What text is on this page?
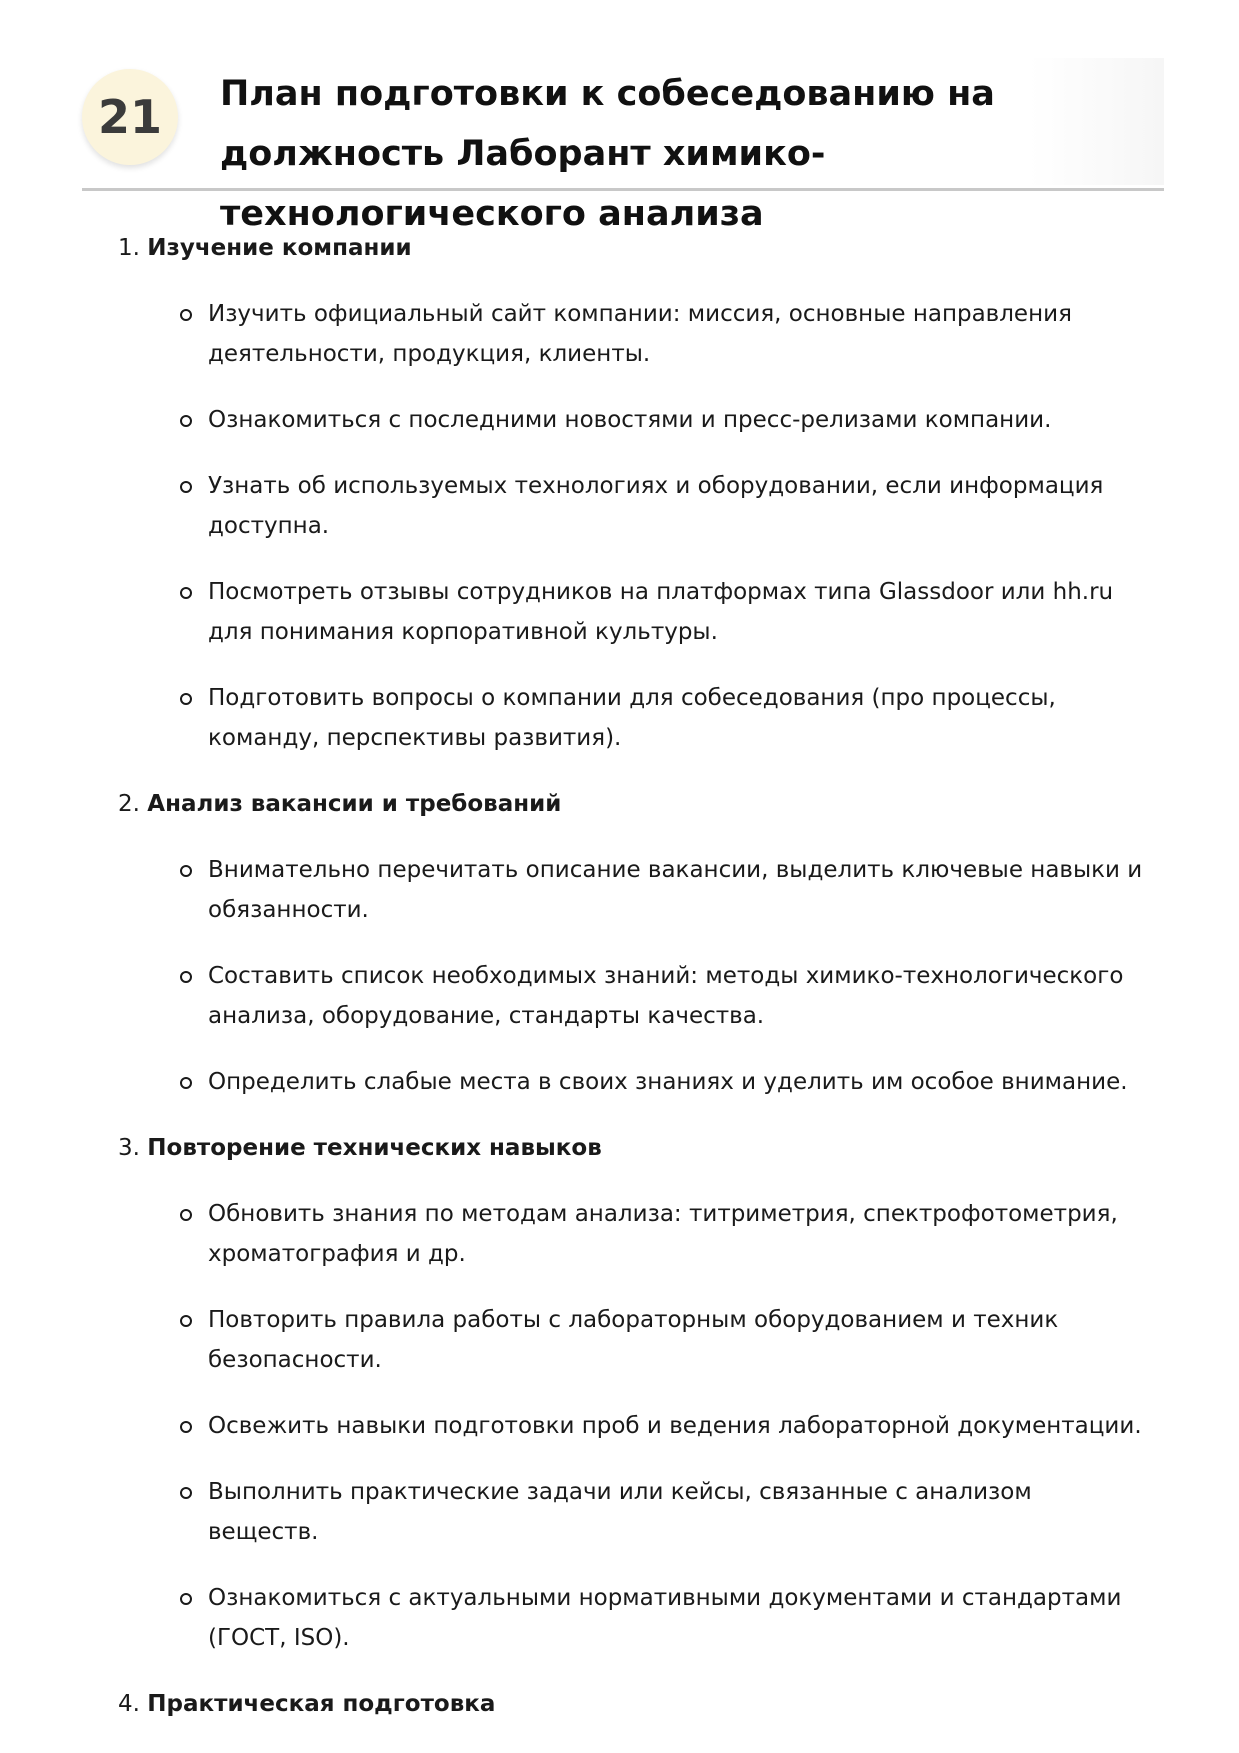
21	План подготовки к собеседованию на должность Лаборант химико-технологического анализа
1. Изучение компании
Изучить официальный сайт компании: миссия, основные направления деятельности, продукция, клиенты.
Ознакомиться с последними новостями и пресс-релизами компании.
Узнать об используемых технологиях и оборудовании, если информация доступна.
Посмотреть отзывы сотрудников на платформах типа Glassdoor или hh.ru для понимания корпоративной культуры.
Подготовить вопросы о компании для собеседования (про процессы, команду, перспективы развития).
2. Анализ вакансии и требований
Внимательно перечитать описание вакансии, выделить ключевые навыки и обязанности.
Составить список необходимых знаний: методы химико-технологического анализа, оборудование, стандарты качества.
Определить слабые места в своих знаниях и уделить им особое внимание.
3. Повторение технических навыков
Обновить знания по методам анализа: титриметрия, спектрофотометрия, хроматография и др.
Повторить правила работы с лабораторным оборудованием и техник безопасности.
Освежить навыки подготовки проб и ведения лабораторной документации.
Выполнить практические задачи или кейсы, связанные с анализом веществ.
Ознакомиться с актуальными нормативными документами и стандартами (ГОСТ, ISO).
4. Практическая подготовка
